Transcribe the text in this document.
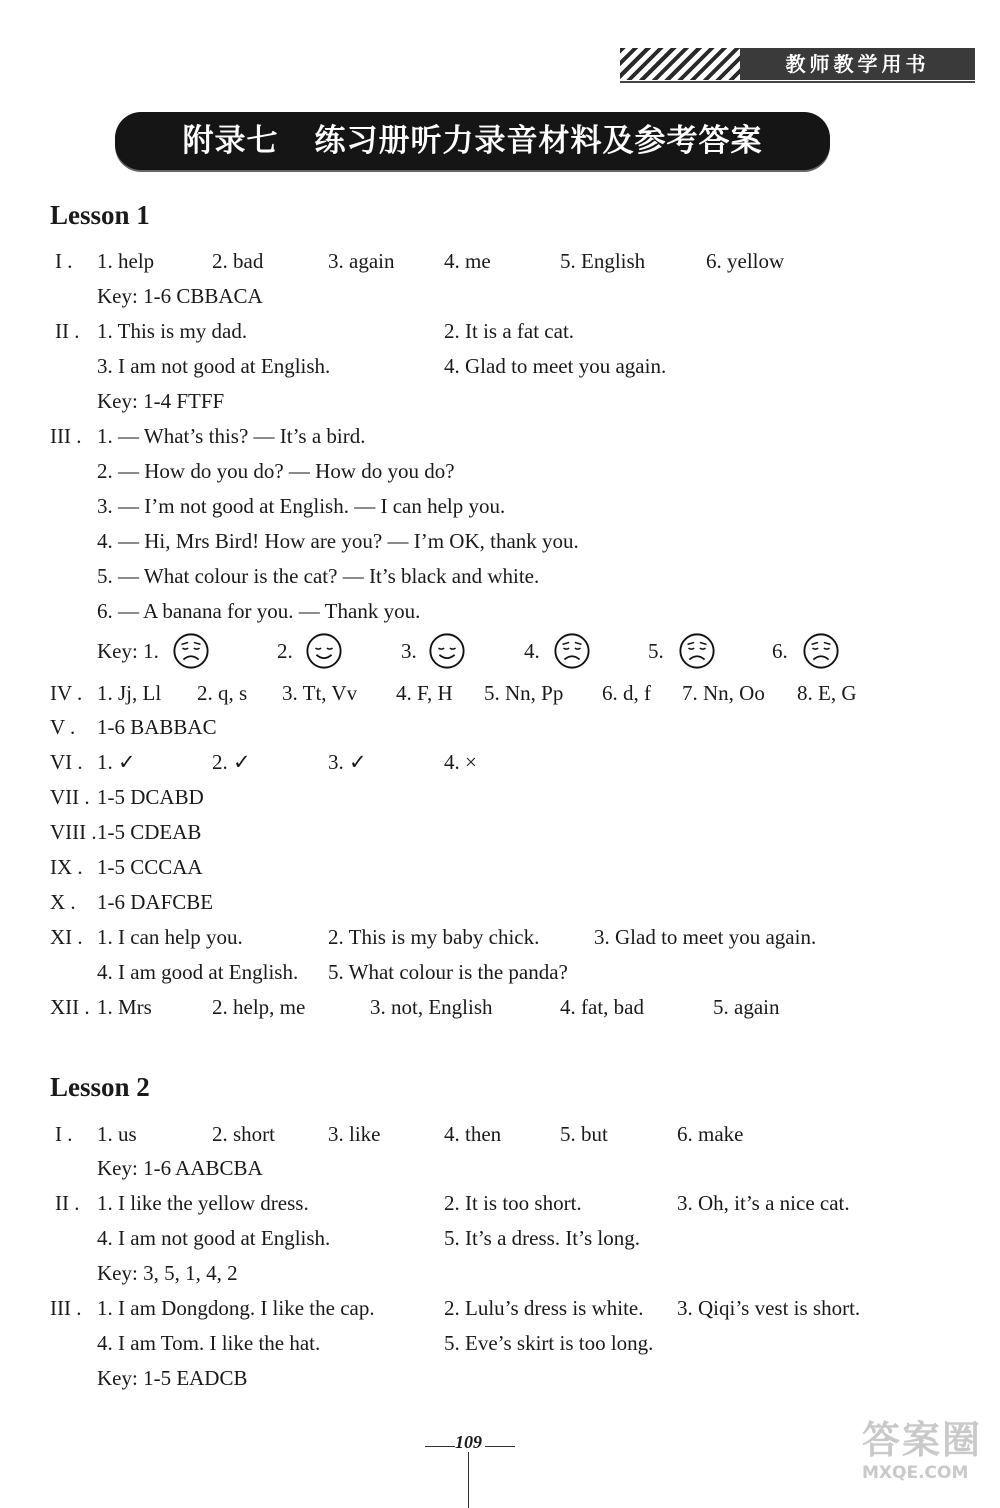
教师教学用书
附录七 练习册听力录音材料及参考答案
Lesson 1
I . 1. help	2. bad	3. again 4. me	5. English	6. yellow
Key: 1-6 CBBACA
II . 1. This is my dad.	2. It is a fat cat.
3. I am not good at English.	4. Glad to meet you again.
Key: 1-4 FTFF
III . 1. — What’s this? — It’s a bird.
2. — How do you do? — How do you do?
3. — I’m not good at English. — I can help you.
4. — Hi, Mrs Bird! How are you? — I’m OK, thank you.
5. — What colour is the cat? — It’s black and white.
6. — A banana for you. — Thank you.
Key: 1.	2.	3.	4.	5.	6.
IV . 1. Jj, Ll 2. q, s 3. Tt, Vv 4. F, H 5. Nn, Pp 6. d, f 7. Nn, Oo 8. E, G
V . 1-6 BABBAC
VI . 1. ✓	2. ✓	3. ✓	4. ×
VII . 1-5 DCABD
VIII . 1-5 CDEAB
IX . 1-5 CCCAA
X . 1-6 DAFCBE
XI . 1. I can help you.	2. This is my baby chick.	3. Glad to meet you again.
4. I am good at English. 5. What colour is the panda?
XII . 1. Mrs	2. help, me	3. not, English	4. fat, bad	5. again
Lesson 2
I . 1. us	2. short	3. like	4. then	5. but	6. make
Key: 1-6 AABCBA
II . 1. I like the yellow dress.	2. It is too short.	3. Oh, it’s a nice cat.
4. I am not good at English.	5. It’s a dress. It’s long.
Key: 3, 5, 1, 4, 2
III . 1. I am Dongdong. I like the cap.	2. Lulu’s dress is white. 3. Qiqi’s vest is short.
4. I am Tom. I like the hat.	5. Eve’s skirt is too long.
Key: 1-5 EADCB
109	答案圈
MXQE.COM
